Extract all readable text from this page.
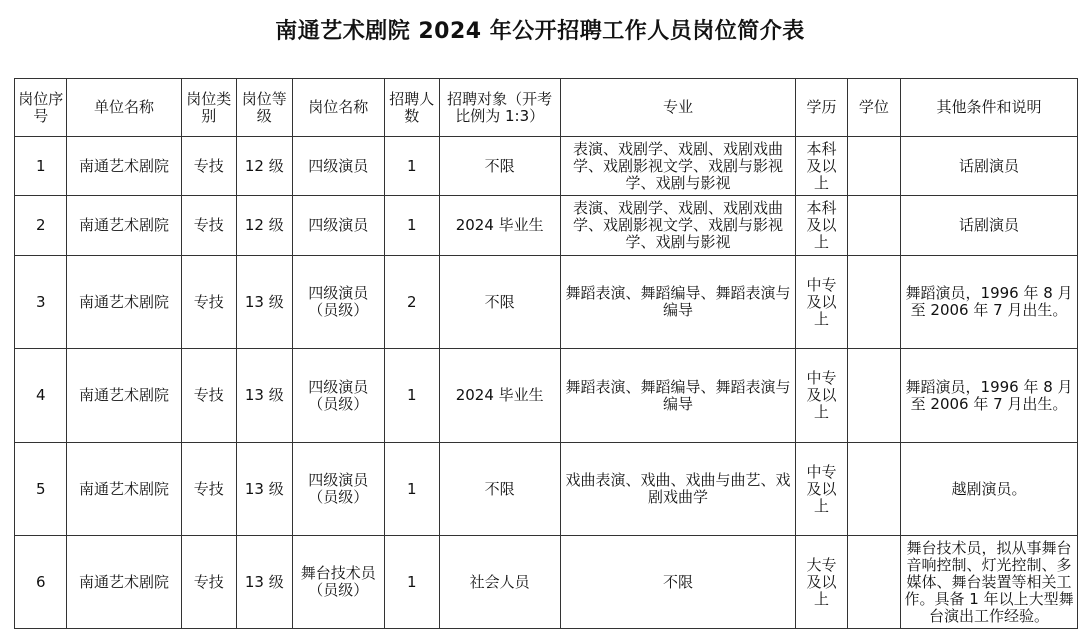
南通艺术剧院 2024 年公开招聘工作人员岗位简介表
岗位序号	单位名称	岗位类别	岗位等级	岗位名称	招聘人数	招聘对象（开考比例为 1:3）	专业	学历	学位	其他条件和说明
1	南通艺术剧院	专技	12 级	四级演员	1	不限	表演、戏剧学、戏剧、戏剧戏曲学、戏剧影视文学、戏剧与影视学、戏剧与影视	本科及以上		话剧演员
2	南通艺术剧院	专技	12 级	四级演员	1	2024 毕业生	表演、戏剧学、戏剧、戏剧戏曲学、戏剧影视文学、戏剧与影视学、戏剧与影视	本科及以上		话剧演员
3	南通艺术剧院	专技	13 级	四级演员（员级）	2	不限	舞蹈表演、舞蹈编导、舞蹈表演与编导	中专及以上		舞蹈演员，1996 年 8 月至 2006 年 7 月出生。
4	南通艺术剧院	专技	13 级	四级演员（员级）	1	2024 毕业生	舞蹈表演、舞蹈编导、舞蹈表演与编导	中专及以上		舞蹈演员，1996 年 8 月至 2006 年 7 月出生。
5	南通艺术剧院	专技	13 级	四级演员（员级）	1	不限	戏曲表演、戏曲、戏曲与曲艺、戏剧戏曲学	中专及以上		越剧演员。
6	南通艺术剧院	专技	13 级	舞台技术员（员级）	1	社会人员	不限	大专及以上		舞台技术员，拟从事舞台音响控制、灯光控制、多媒体、舞台装置等相关工作。具备 1 年以上大型舞台演出工作经验。
